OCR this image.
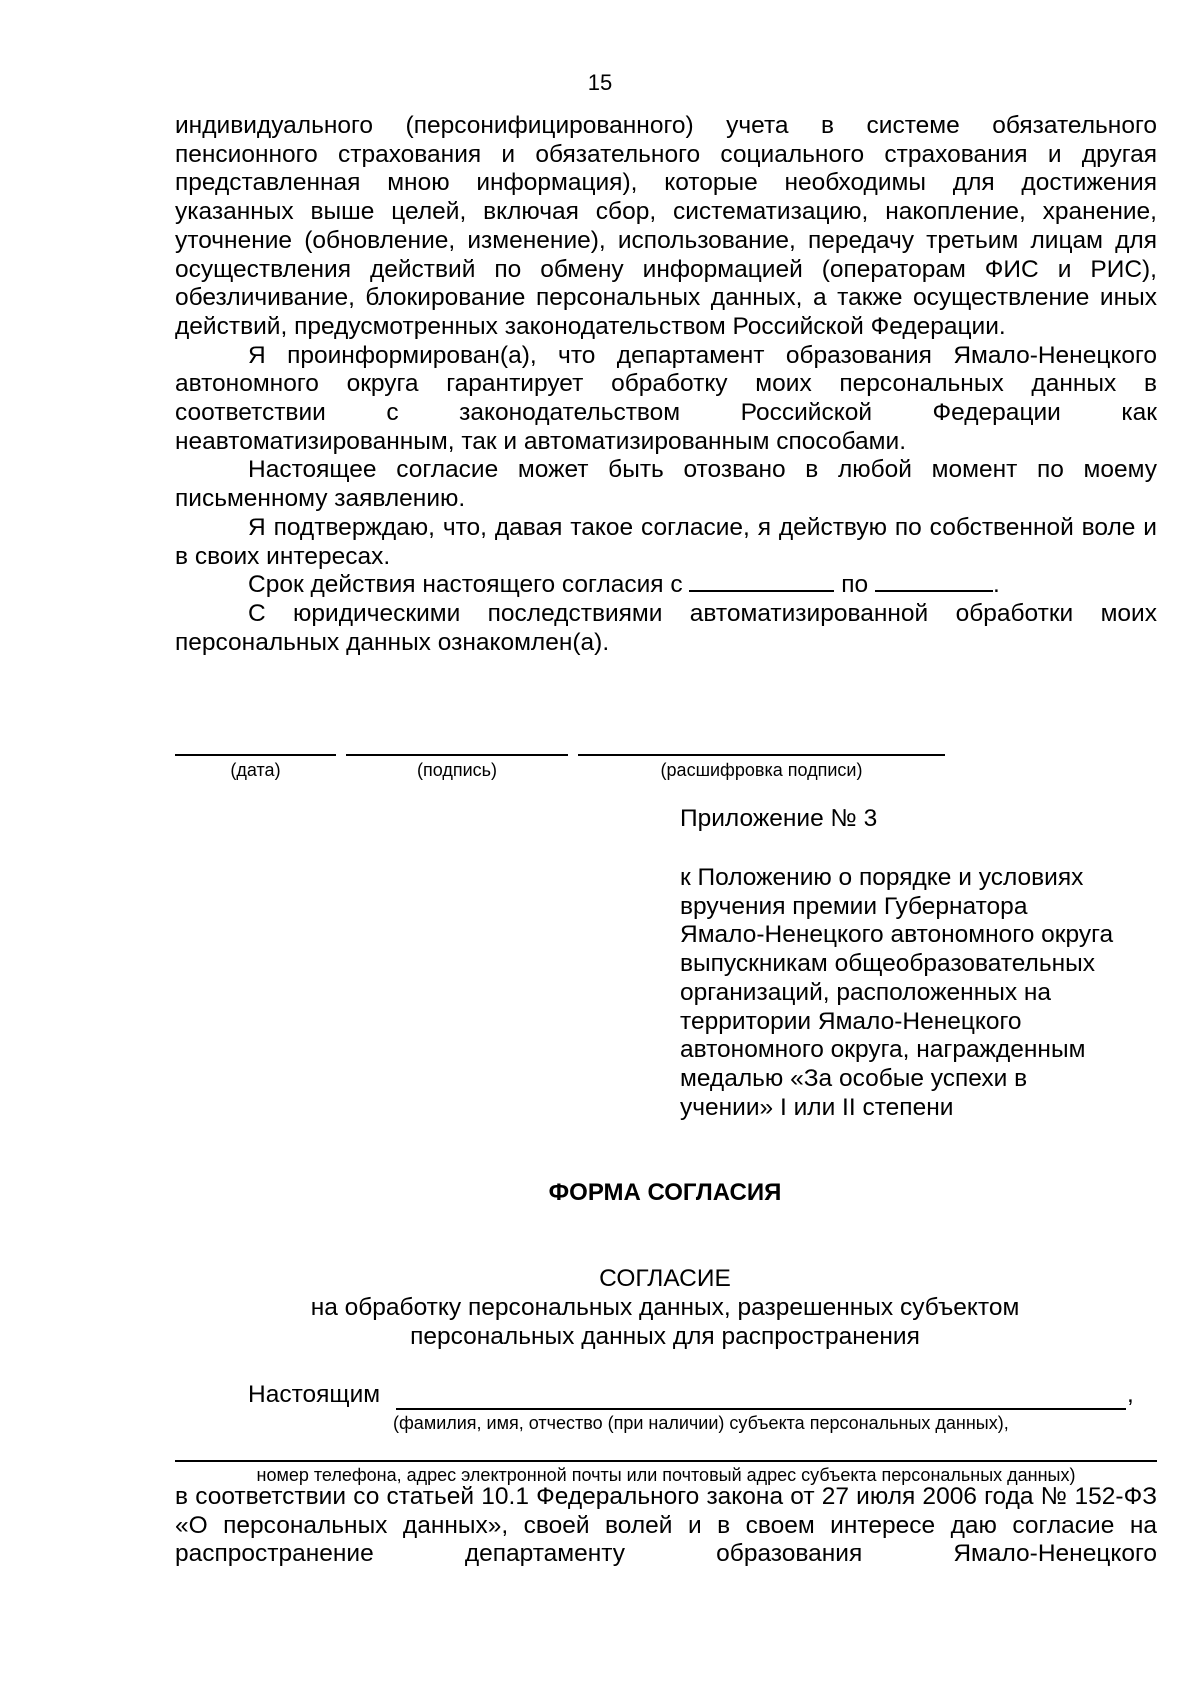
15

индивидуального (персонифицированного) учета в системе обязательного пенсионного страхования и обязательного социального страхования и другая представленная мною информация), которые необходимы для достижения указанных выше целей, включая сбор, систематизацию, накопление, хранение, уточнение (обновление, изменение), использование, передачу третьим лицам для осуществления действий по обмену информацией (операторам ФИС и РИС), обезличивание, блокирование персональных данных, а также осуществление иных действий, предусмотренных законодательством Российской Федерации.

Я проинформирован(а), что департамент образования Ямало-Ненецкого автономного округа гарантирует обработку моих персональных данных в соответствии с законодательством Российской Федерации как неавтоматизированным, так и автоматизированным способами.

Настоящее согласие может быть отозвано в любой момент по моему письменному заявлению.

Я подтверждаю, что, давая такое согласие, я действую по собственной воле и в своих интересах.

Срок действия настоящего согласия с	по	.

С юридическими последствиями автоматизированной обработки моих персональных данных ознакомлен(а).

(дата)	(подпись)	(расшифровка подписи)

Приложение № 3

к Положению о порядке и условиях

вручения премии Губернатора

Ямало-Ненецкого автономного округа

выпускникам общеобразовательных

организаций, расположенных на

территории Ямало-Ненецкого

автономного округа, награжденным

медалью «За особые успехи в

учении» I или II степени

ФОРМА СОГЛАСИЯ

СОГЛАСИЕ

на обработку персональных данных, разрешенных субъектом

персональных данных для распространения

Настоящим	,
(фамилия, имя, отчество (при наличии) субъекта персональных данных),
номер телефона, адрес электронной почты или почтовый адрес субъекта персональных данных)

в соответствии со статьей 10.1 Федерального закона от 27 июля 2006 года № 152-ФЗ «О персональных данных», своей волей и в своем интересе даю согласие на распространение департаменту образования Ямало-Ненецкого
